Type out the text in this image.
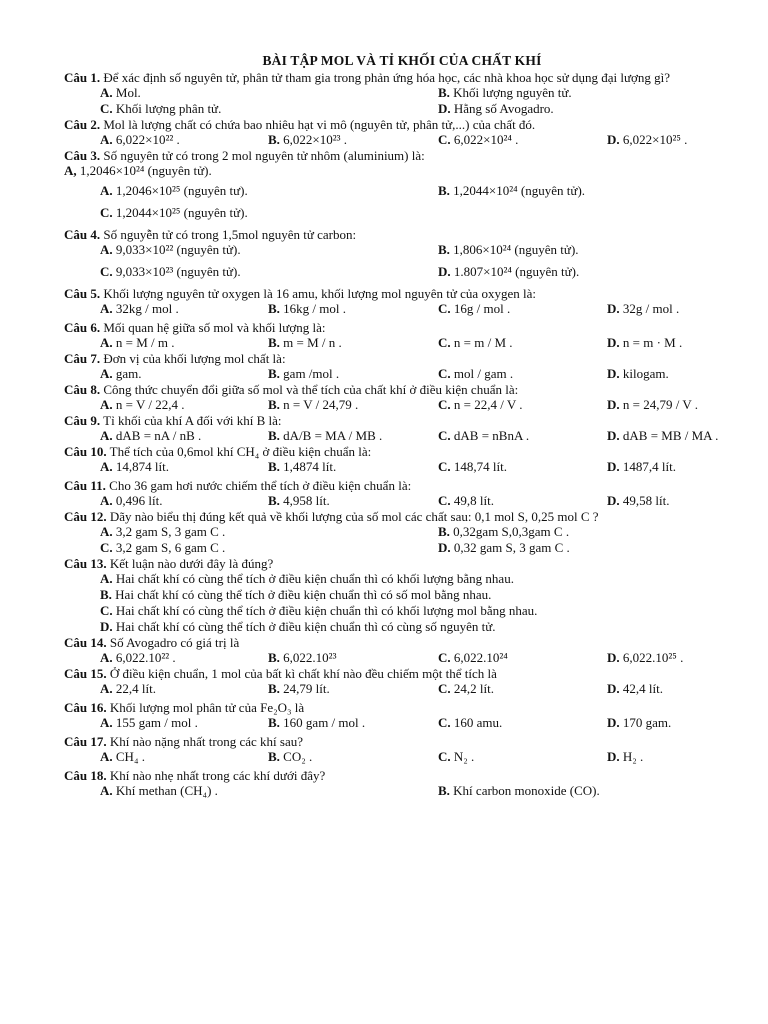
BÀI TẬP MOL VÀ TỈ KHỐI CỦA CHẤT KHÍ
Câu 1. Để xác định số nguyên tử, phân tử tham gia trong phản ứng hóa học, các nhà khoa học sử dụng đại lượng gì?
A. Mol.	B. Khối lượng nguyên tử.
C. Khối lượng phân tử.	D. Hằng số Avogadro.
Câu 2. Mol là lượng chất có chứa bao nhiêu hạt vi mô (nguyên tử, phân tử,...) của chất đó.
A. 6,022×10²² .	B. 6,022×10²³ .	C. 6,022×10²⁴ .	D. 6,022×10²⁵ .
Câu 3. Số nguyên tử có trong 2 mol nguyên tử nhôm (aluminium) là:
A, 1,2046×10²⁴ (nguyên tử).
A. 1,2046×10²⁵ (nguyên tư).	B. 1,2044×10²⁴ (nguyên tử).
C. 1,2044×10²⁵ (nguyên tử).
Câu 4. Số nguyễn tử có trong 1,5mol nguyên tử carbon:
A. 9,033×10²² (nguyên tử).	B. 1,806×10²⁴ (nguyên tử).
C. 9,033×10²³ (nguyên tử).	D. 1.807×10²⁴ (nguyên tử).
Câu 5. Khối lượng nguyên tử oxygen là 16 amu, khối lượng mol nguyên tử của oxygen là:
A. 32kg / mol .	B. 16kg / mol .	C. 16g / mol .	D. 32g / mol .
Câu 6. Mối quan hệ giữa số mol và khối lượng là:
A. n = M / m .	B. m = M / n .	C. n = m / M .	D. n = m · M .
Câu 7. Đơn vị của khối lượng mol chất là:
A. gam.	B. gam /mol .	C. mol / gam .	D. kilogam.
Câu 8. Công thức chuyển đổi giữa số mol và thể tích của chất khí ở điều kiện chuẩn là:
A. n = V / 22,4 .	B. n = V / 24,79 .	C. n = 22,4 / V .	D. n = 24,79 / V .
Câu 9. Tỉ khối của khí A đối với khí B là:
A. dAB = nA / nB .	B. dA/B = MA / MB .	C. dAB = nBnA .	D. dAB = MB / MA .
Câu 10. Thể tích của 0,6mol khí CH₄ ở điều kiện chuẩn là:
A. 14,874 lít.	B. 1,4874 lít.	C. 148,74 lít.	D. 1487,4 lít.
Câu 11. Cho 36 gam hơi nước chiếm thể tích ở điều kiện chuẩn là:
A. 0,496 lít.	B. 4,958 lít.	C. 49,8 lít.	D. 49,58 lít.
Câu 12. Dãy nào biểu thị đúng kết quả về khối lượng của số mol các chất sau: 0,1 mol S, 0,25 mol C ?
A. 3,2 gam S, 3 gam C .	B. 0,32gam S,0,3gam C .
C. 3,2 gam S, 6 gam C .	D. 0,32 gam S, 3 gam C .
Câu 13. Kết luận nào dưới đây là đúng?
A. Hai chất khí có cùng thể tích ở điều kiện chuẩn thì có khối lượng bằng nhau.
B. Hai chất khí có cùng thể tích ở điều kiện chuẩn thì có số mol bằng nhau.
C. Hai chất khí có cùng thể tích ở điều kiện chuẩn thì có khối lượng mol bằng nhau.
D. Hai chất khí có cùng thể tích ở điều kiện chuẩn thì có cùng số nguyên tử.
Câu 14. Số Avogadro có giá trị là
A. 6,022.10²² .	B. 6,022.10²³	C. 6,022.10²⁴	D. 6,022.10²⁵ .
Câu 15. Ở điều kiện chuẩn, 1 mol của bất kì chất khí nào đều chiếm một thể tích là
A. 22,4 lít.	B. 24,79 lít.	C. 24,2 lít.	D. 42,4 lít.
Câu 16. Khối lượng mol phân tử của Fe₂O₃ là
A. 155 gam / mol .	B. 160 gam / mol .	C. 160 amu.	D. 170 gam.
Câu 17. Khí nào nặng nhất trong các khí sau?
A. CH₄ .	B. CO₂ .	C. N₂ .	D. H₂ .
Câu 18. Khí nào nhẹ nhất trong các khí dưới đây?
A. Khí methan (CH₄) .	B. Khí carbon monoxide (CO).
